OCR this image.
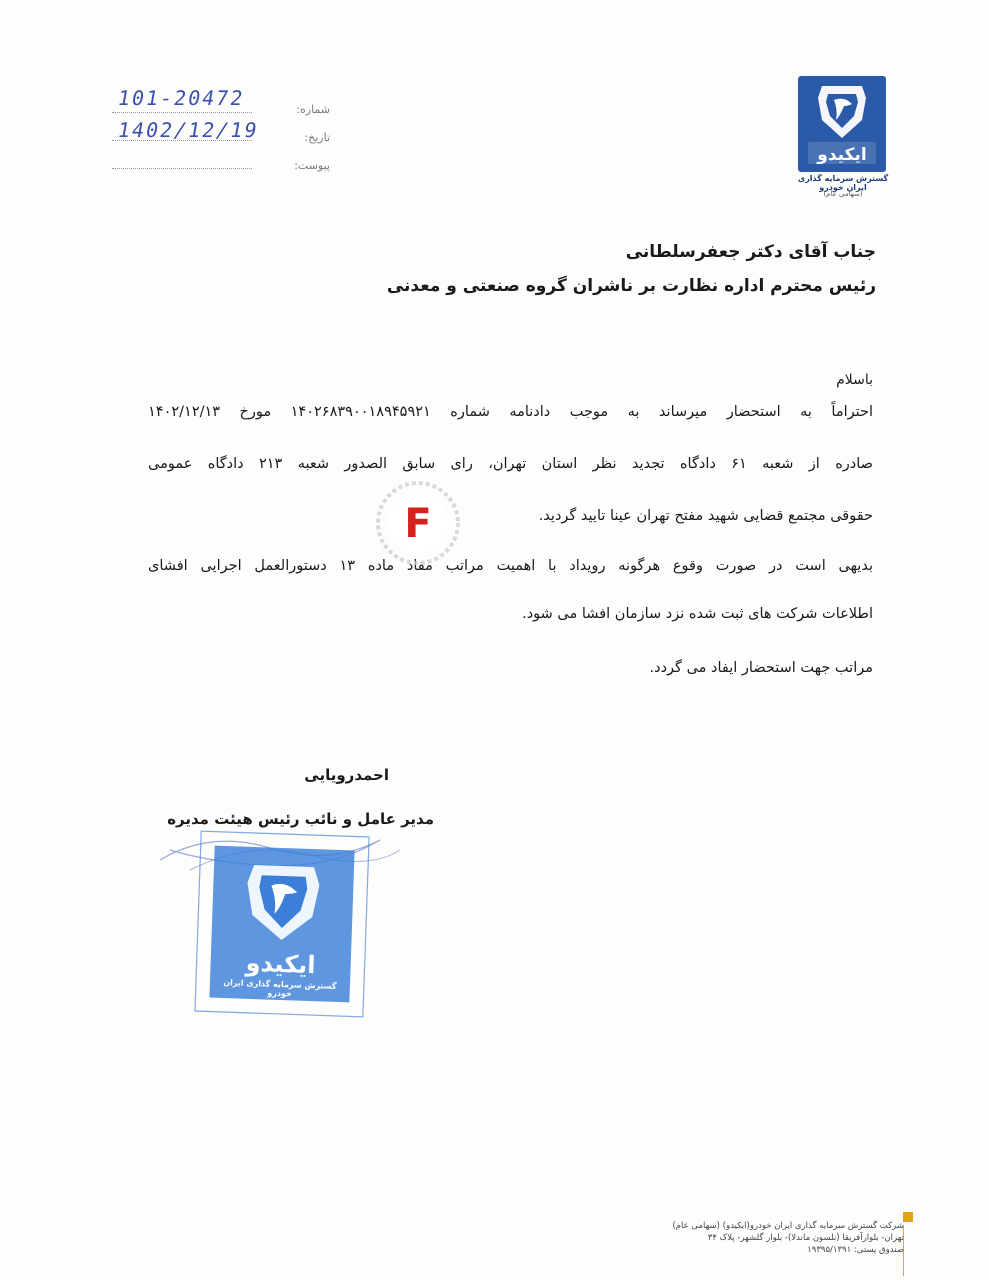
شماره:
تاریخ:
پیوست:
101-20472
1402/12/19
ایکیدو
گسترش سرمایه گذاری ایران خودرو
(سهامی عام)
جناب آقای دکتر جعفرسلطانی
رئیس محترم اداره نظارت بر ناشران گروه صنعتی و معدنی
باسلام
احتراماً به استحضار میرساند به موجب دادنامه شماره ۱۴۰۲۶۸۳۹۰۰۱۸۹۴۵۹۲۱ مورخ ۱۴۰۲/۱۲/۱۳
صادره از شعبه ۶۱ دادگاه تجدید نظر استان تهران، رای سابق الصدور شعبه ۲۱۳ دادگاه عمومی
حقوقی مجتمع قضایی شهید مفتح تهران عینا تایید گردید.
بدیهی است در صورت وقوع هرگونه رویداد با اهمیت مراتب مفاد ماده ۱۳ دستورالعمل اجرایی افشای
اطلاعات شرکت های ثبت شده نزد سازمان افشا می شود.
مراتب جهت استحضار ایفاد می گردد.
F
احمدرویایی
مدیر عامل و نائب رئیس هیئت مدیره
ایکیدو
گسترش سرمایه گذاری ایران خودرو
شرکت گسترش سرمایه گذاری ایران خودرو(ایکیدو) (سهامی عام)
تهران- بلوارآفریقا (نلسون ماندلا)- بلوار گلشهر- پلاک ۳۴
صندوق پستی: ۱۹۳۹۵/۱۳۹۱
